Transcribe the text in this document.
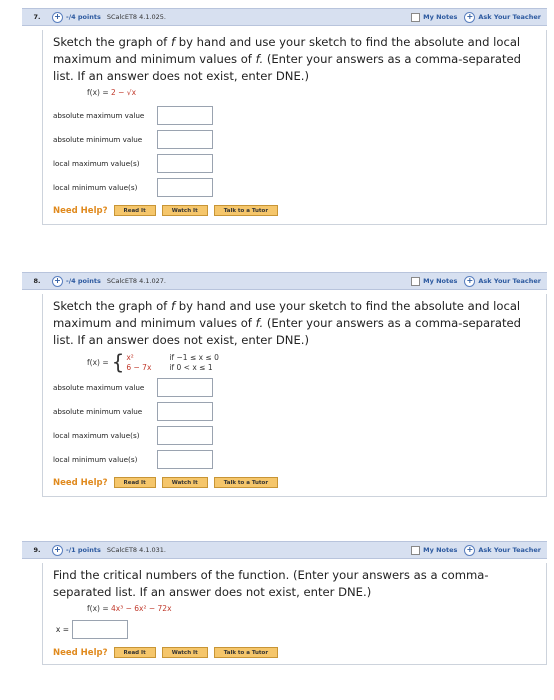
7.	+ -/4 points SCalcET8 4.1.025.	My Notes + Ask Your Teacher
Sketch the graph of f by hand and use your sketch to find the absolute and local maximum and minimum values of f. (Enter your answers as a comma-separated list. If an answer does not exist, enter DNE.)
f(x) = 2 − √x
absolute maximum value
absolute minimum value
local maximum value(s)
local minimum value(s)
Need Help?	Read It	Watch It	Talk to a Tutor
8.	+ -/4 points SCalcET8 4.1.027.	My Notes + Ask Your Teacher
Sketch the graph of f by hand and use your sketch to find the absolute and local maximum and minimum values of f. (Enter your answers as a comma-separated list. If an answer does not exist, enter DNE.)
f(x) = { x²
6 − 7x
if −1 ≤ x ≤ 0
if 0 < x ≤ 1
absolute maximum value
absolute minimum value
local maximum value(s)
local minimum value(s)
Need Help?	Read It	Watch It	Talk to a Tutor
9.	+ -/1 points SCalcET8 4.1.031.	My Notes + Ask Your Teacher
Find the critical numbers of the function. (Enter your answers as a comma-separated list. If an answer does not exist, enter DNE.)
f(x) = 4x³ − 6x² − 72x
x =
Need Help?	Read It	Watch It	Talk to a Tutor
